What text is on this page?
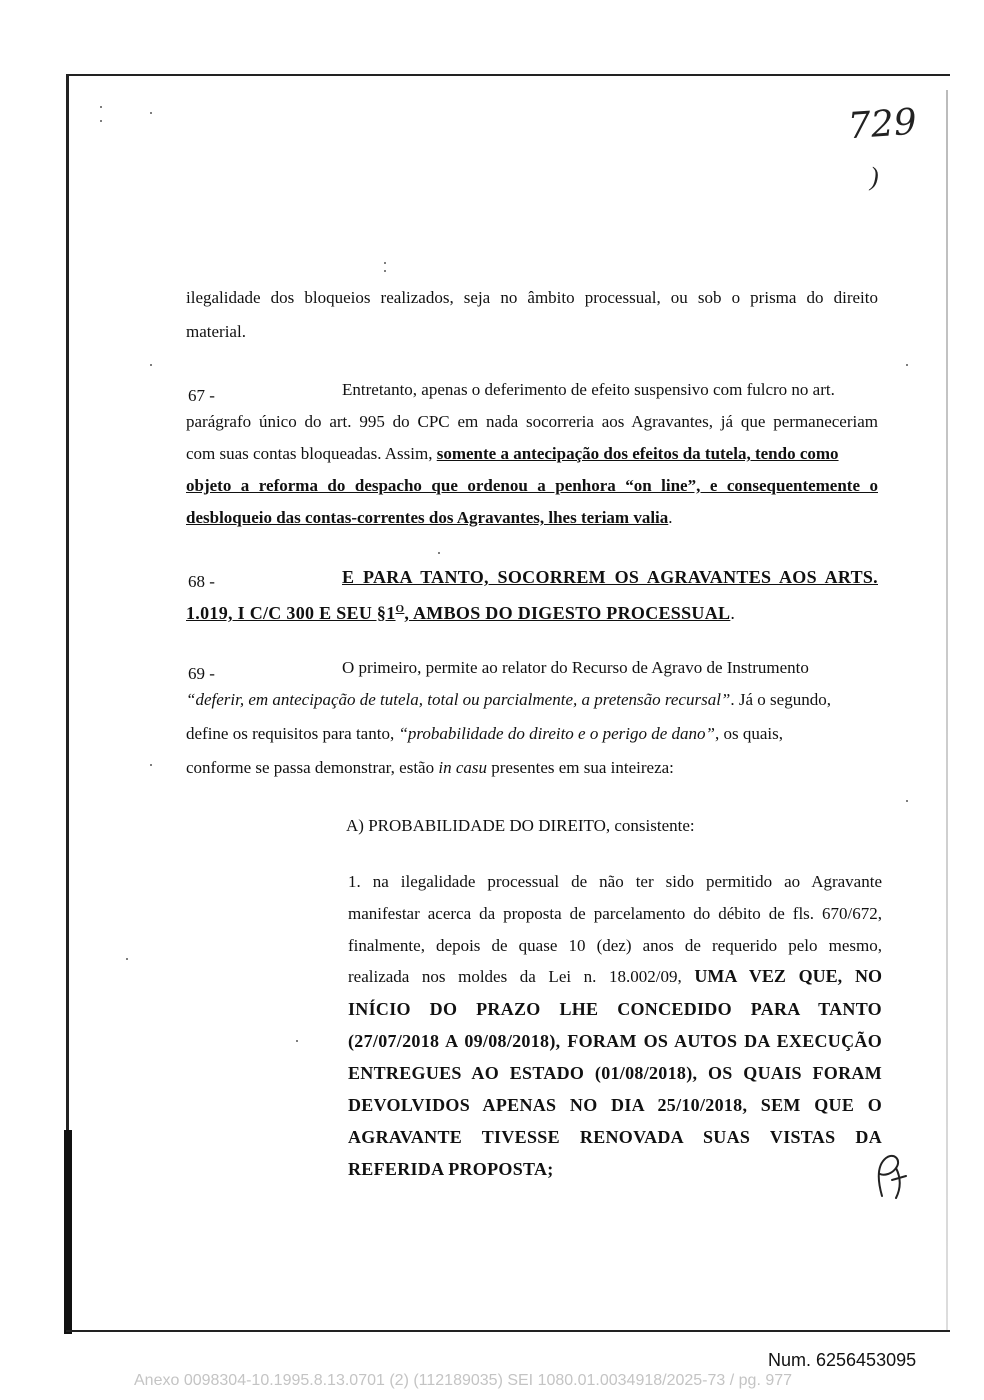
729
)
ilegalidade dos bloqueios realizados, seja no âmbito processual, ou sob o prisma do direito
material.
67 -	Entretanto, apenas o deferimento de efeito suspensivo com fulcro no art.
parágrafo único do art. 995 do CPC em nada socorreria aos Agravantes, já que permaneceriam
com suas contas bloqueadas. Assim, somente a antecipação dos efeitos da tutela, tendo como
objeto a reforma do despacho que ordenou a penhora “on line”, e consequentemente o
desbloqueio das contas-correntes dos Agravantes, lhes teriam valia.
68 -	E PARA TANTO, SOCORREM OS AGRAVANTES AOS ARTS.
1.019, I C/C 300 E SEU $\S 1^O$, AMBOS DO DIGESTO PROCESSUAL.
69 -	O primeiro, permite ao relator do Recurso de Agravo de Instrumento
“deferir, em antecipação de tutela, total ou parcialmente, a pretensão recursal”. Já o segundo,
define os requisitos para tanto, “probabilidade do direito e o perigo de dano”, os quais,
conforme se passa demonstrar, estão in casu presentes em sua inteireza:
A) PROBABILIDADE DO DIREITO, consistente:
1. na ilegalidade processual de não ter sido permitido ao Agravante
manifestar acerca da proposta de parcelamento do débito de fls. 670/672,
finalmente, depois de quase 10 (dez) anos de requerido pelo mesmo,
realizada nos moldes da Lei n. 18.002/09, UMA VEZ QUE, NO
INÍCIO DO PRAZO LHE CONCEDIDO PARA TANTO
(27/07/2018 A 09/08/2018), FORAM OS AUTOS DA EXECUÇÃO
ENTREGUES AO ESTADO (01/08/2018), OS QUAIS FORAM
DEVOLVIDOS APENAS NO DIA 25/10/2018, SEM QUE O
AGRAVANTE TIVESSE RENOVADA SUAS VISTAS DA
REFERIDA PROPOSTA;
Num. 6256453095
Anexo 0098304-10.1995.8.13.0701 (2) (112189035) SEI 1080.01.0034918/2025-73 / pg. 977
